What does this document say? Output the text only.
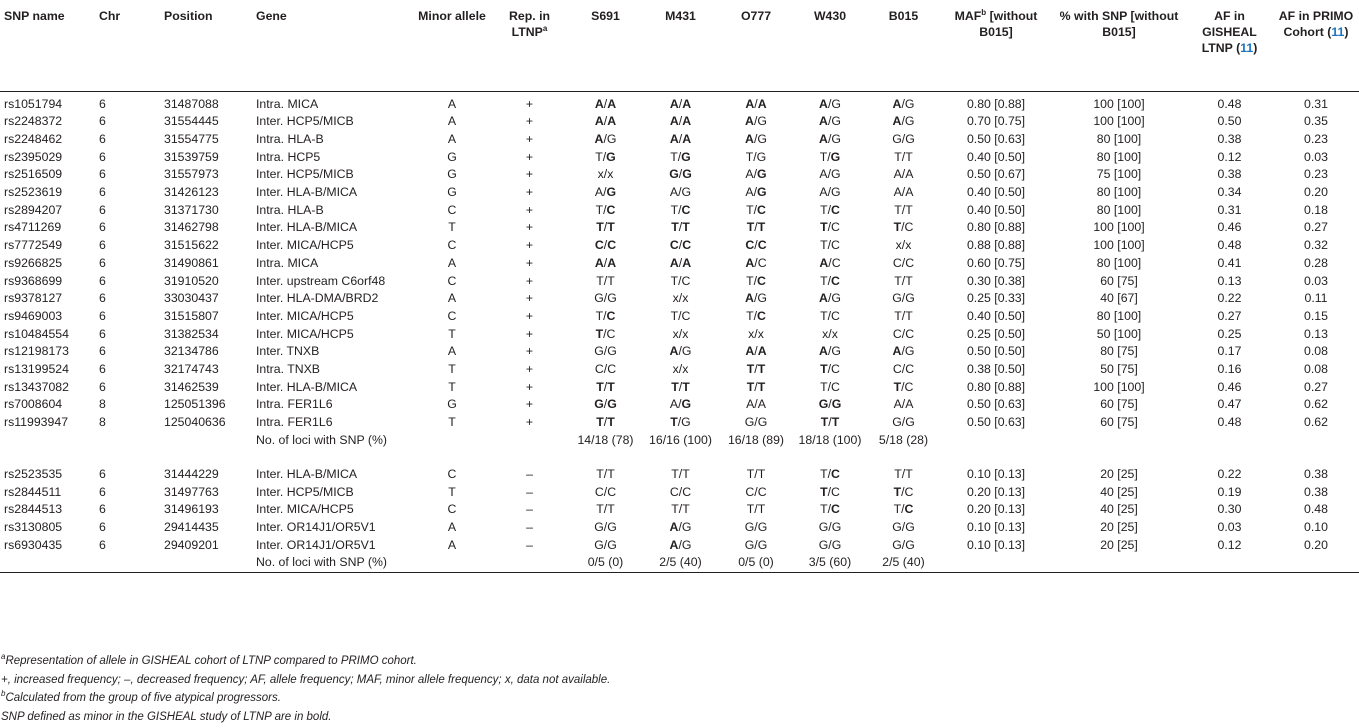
SNP name	Chr	Position	Gene	Minor allele	Rep. in LTNP$^a$	S691	M431	O777	W430	B015	MAF$^b$ [without B015]	% with SNP [without B015]	AF in GISHEAL LTNP (11)	AF in PRIMO Cohort (11)
rs1051794	6	31487088	Intra. MICA	A	+	A/A	A/A	A/A	A/G	A/G	0.80 [0.88]	100 [100]	0.48	0.31
rs2248372	6	31554445	Inter. HCP5/MICB	A	+	A/A	A/A	A/G	A/G	A/G	0.70 [0.75]	100 [100]	0.50	0.35
rs2248462	6	31554775	Intra. HLA-B	A	+	A/G	A/A	A/G	A/G	G/G	0.50 [0.63]	80 [100]	0.38	0.23
rs2395029	6	31539759	Intra. HCP5	G	+	T/G	T/G	T/G	T/G	T/T	0.40 [0.50]	80 [100]	0.12	0.03
rs2516509	6	31557973	Inter. HCP5/MICB	G	+	x/x	G/G	A/G	A/G	A/A	0.50 [0.67]	75 [100]	0.38	0.23
rs2523619	6	31426123	Inter. HLA-B/MICA	G	+	A/G	A/G	A/G	A/G	A/A	0.40 [0.50]	80 [100]	0.34	0.20
rs2894207	6	31371730	Intra. HLA-B	C	+	T/C	T/C	T/C	T/C	T/T	0.40 [0.50]	80 [100]	0.31	0.18
rs4711269	6	31462798	Inter. HLA-B/MICA	T	+	T/T	T/T	T/T	T/C	T/C	0.80 [0.88]	100 [100]	0.46	0.27
rs7772549	6	31515622	Inter. MICA/HCP5	C	+	C/C	C/C	C/C	T/C	x/x	0.88 [0.88]	100 [100]	0.48	0.32
rs9266825	6	31490861	Intra. MICA	A	+	A/A	A/A	A/C	A/C	C/C	0.60 [0.75]	80 [100]	0.41	0.28
rs9368699	6	31910520	Inter. upstream C6orf48	C	+	T/T	T/C	T/C	T/C	T/T	0.30 [0.38]	60 [75]	0.13	0.03
rs9378127	6	33030437	Inter. HLA-DMA/BRD2	A	+	G/G	x/x	A/G	A/G	G/G	0.25 [0.33]	40 [67]	0.22	0.11
rs9469003	6	31515807	Inter. MICA/HCP5	C	+	T/C	T/C	T/C	T/C	T/T	0.40 [0.50]	80 [100]	0.27	0.15
rs10484554	6	31382534	Inter. MICA/HCP5	T	+	T/C	x/x	x/x	x/x	C/C	0.25 [0.50]	50 [100]	0.25	0.13
rs12198173	6	32134786	Inter. TNXB	A	+	G/G	A/G	A/A	A/G	A/G	0.50 [0.50]	80 [75]	0.17	0.08
rs13199524	6	32174743	Intra. TNXB	T	+	C/C	x/x	T/T	T/C	C/C	0.38 [0.50]	50 [75]	0.16	0.08
rs13437082	6	31462539	Inter. HLA-B/MICA	T	+	T/T	T/T	T/T	T/C	T/C	0.80 [0.88]	100 [100]	0.46	0.27
rs7008604	8	125051396	Intra. FER1L6	G	+	G/G	A/G	A/A	G/G	A/A	0.50 [0.63]	60 [75]	0.47	0.62
rs11993947	8	125040636	Intra. FER1L6	T	+	T/T	T/G	G/G	T/T	G/G	0.50 [0.63]	60 [75]	0.48	0.62
			No. of loci with SNP (%)			14/18 (78)	16/16 (100)	16/18 (89)	18/18 (100)	5/18 (28)				
rs2523535	6	31444229	Inter. HLA-B/MICA	C	–	T/T	T/T	T/T	T/C	T/T	0.10 [0.13]	20 [25]	0.22	0.38
rs2844511	6	31497763	Inter. HCP5/MICB	T	–	C/C	C/C	C/C	T/C	T/C	0.20 [0.13]	40 [25]	0.19	0.38
rs2844513	6	31496193	Inter. MICA/HCP5	C	–	T/T	T/T	T/T	T/C	T/C	0.20 [0.13]	40 [25]	0.30	0.48
rs3130805	6	29414435	Inter. OR14J1/OR5V1	A	–	G/G	A/G	G/G	G/G	G/G	0.10 [0.13]	20 [25]	0.03	0.10
rs6930435	6	29409201	Inter. OR14J1/OR5V1	A	–	G/G	A/G	G/G	G/G	G/G	0.10 [0.13]	20 [25]	0.12	0.20
			No. of loci with SNP (%)			0/5 (0)	2/5 (40)	0/5 (0)	3/5 (60)	2/5 (40)				
$^a$Representation of allele in GISHEAL cohort of LTNP compared to PRIMO cohort.
+, increased frequency; –, decreased frequency; AF, allele frequency; MAF, minor allele frequency; x, data not available.
$^b$Calculated from the group of five atypical progressors.
SNP defined as minor in the GISHEAL study of LTNP are in bold.
